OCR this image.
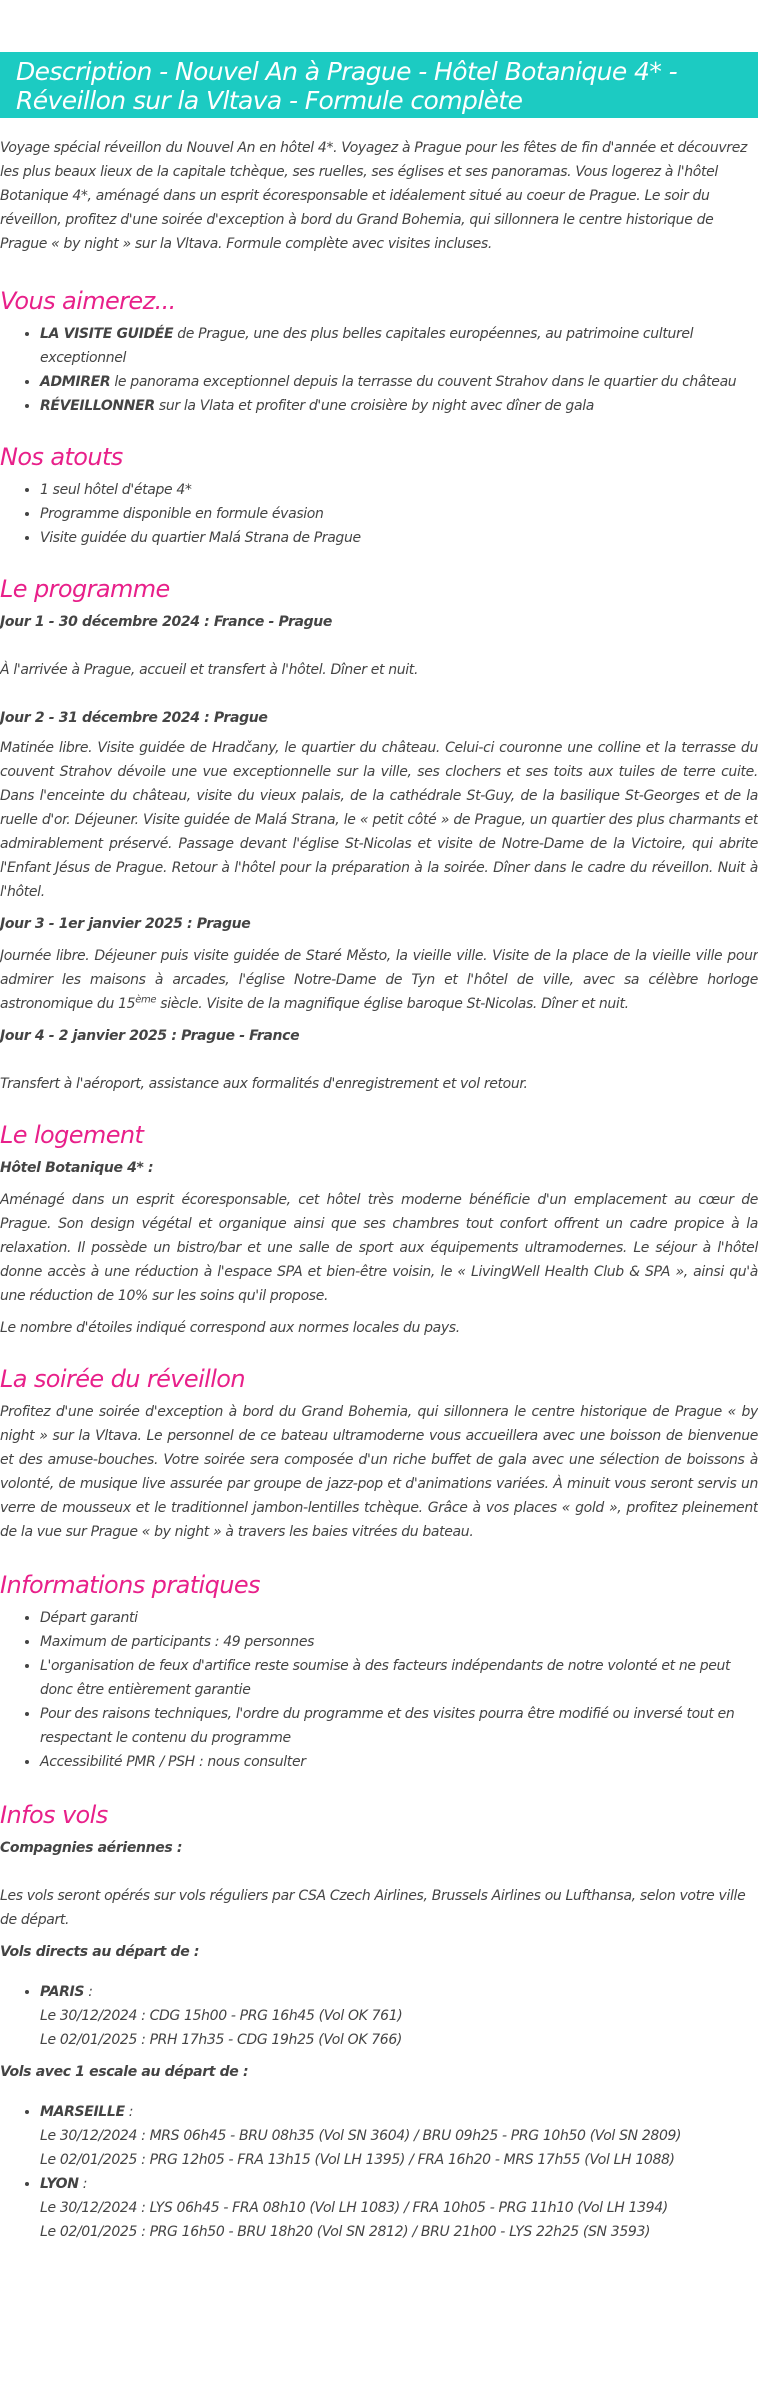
Description - Nouvel An à Prague - Hôtel Botanique 4* - Réveillon sur la Vltava - Formule complète

Voyage spécial réveillon du Nouvel An en hôtel 4*. Voyagez à Prague pour les fêtes de fin d'année et découvrez les plus beaux lieux de la capitale tchèque, ses ruelles, ses églises et ses panoramas. Vous logerez à l'hôtel Botanique 4*, aménagé dans un esprit écoresponsable et idéalement situé au coeur de Prague. Le soir du réveillon, profitez d'une soirée d'exception à bord du Grand Bohemia, qui sillonnera le centre historique de Prague « by night » sur la Vltava. Formule complète avec visites incluses.

Vous aimerez...
• LA VISITE GUIDÉE de Prague, une des plus belles capitales européennes, au patrimoine culturel exceptionnel
• ADMIRER le panorama exceptionnel depuis la terrasse du couvent Strahov dans le quartier du château
• RÉVEILLONNER sur la Vlata et profiter d'une croisière by night avec dîner de gala
Nos atouts
• 1 seul hôtel d'étape 4*
• Programme disponible en formule évasion
• Visite guidée du quartier Malá Strana de Prague
Le programme

Jour 1 - 30 décembre 2024 : France - Prague

À l'arrivée à Prague, accueil et transfert à l'hôtel. Dîner et nuit.

Jour 2 - 31 décembre 2024 : Prague

Matinée libre. Visite guidée de Hradčany, le quartier du château. Celui-ci couronne une colline et la terrasse du couvent Strahov dévoile une vue exceptionnelle sur la ville, ses clochers et ses toits aux tuiles de terre cuite. Dans l'enceinte du château, visite du vieux palais, de la cathédrale St-Guy, de la basilique St-Georges et de la ruelle d'or. Déjeuner. Visite guidée de Malá Strana, le « petit côté » de Prague, un quartier des plus charmants et admirablement préservé. Passage devant l'église St-Nicolas et visite de Notre-Dame de la Victoire, qui abrite l'Enfant Jésus de Prague. Retour à l'hôtel pour la préparation à la soirée. Dîner dans le cadre du réveillon. Nuit à l'hôtel.

Jour 3 - 1er janvier 2025 : Prague

Journée libre. Déjeuner puis visite guidée de Staré Město, la vieille ville. Visite de la place de la vieille ville pour admirer les maisons à arcades, l'église Notre-Dame de Tyn et l'hôtel de ville, avec sa célèbre horloge astronomique du 15ème siècle. Visite de la magnifique église baroque St-Nicolas. Dîner et nuit.

Jour 4 - 2 janvier 2025 : Prague - France

Transfert à l'aéroport, assistance aux formalités d'enregistrement et vol retour.

Le logement

Hôtel Botanique 4* :

Aménagé dans un esprit écoresponsable, cet hôtel très moderne bénéficie d'un emplacement au cœur de Prague. Son design végétal et organique ainsi que ses chambres tout confort offrent un cadre propice à la relaxation. Il possède un bistro/bar et une salle de sport aux équipements ultramodernes. Le séjour à l'hôtel donne accès à une réduction à l'espace SPA et bien-être voisin, le « LivingWell Health Club & SPA », ainsi qu'à une réduction de 10% sur les soins qu'il propose.

Le nombre d'étoiles indiqué correspond aux normes locales du pays.

La soirée du réveillon

Profitez d'une soirée d'exception à bord du Grand Bohemia, qui sillonnera le centre historique de Prague « by night » sur la Vltava. Le personnel de ce bateau ultramoderne vous accueillera avec une boisson de bienvenue et des amuse-bouches. Votre soirée sera composée d'un riche buffet de gala avec une sélection de boissons à volonté, de musique live assurée par groupe de jazz-pop et d'animations variées. À minuit vous seront servis un verre de mousseux et le traditionnel jambon-lentilles tchèque. Grâce à vos places « gold », profitez pleinement de la vue sur Prague « by night » à travers les baies vitrées du bateau.

Informations pratiques
• Départ garanti
• Maximum de participants : 49 personnes
• L'organisation de feux d'artifice reste soumise à des facteurs indépendants de notre volonté et ne peut donc être entièrement garantie
• Pour des raisons techniques, l'ordre du programme et des visites pourra être modifié ou inversé tout en respectant le contenu du programme
• Accessibilité PMR / PSH : nous consulter
Infos vols

Compagnies aériennes :

Les vols seront opérés sur vols réguliers par CSA Czech Airlines, Brussels Airlines ou Lufthansa, selon votre ville de départ.

Vols directs au départ de :

• PARIS :
Le 30/12/2024 : CDG 15h00 - PRG 16h45 (Vol OK 761)
Le 02/01/2025 : PRH 17h35 - CDG 19h25 (Vol OK 766)

Vols avec 1 escale au départ de :

• MARSEILLE :
Le 30/12/2024 : MRS 06h45 - BRU 08h35 (Vol SN 3604) / BRU 09h25 - PRG 10h50 (Vol SN 2809)
Le 02/01/2025 : PRG 12h05 - FRA 13h15 (Vol LH 1395) / FRA 16h20 - MRS 17h55 (Vol LH 1088)
• LYON :
Le 30/12/2024 : LYS 06h45 - FRA 08h10 (Vol LH 1083) / FRA 10h05 - PRG 11h10 (Vol LH 1394)
Le 02/01/2025 : PRG 16h50 - BRU 18h20 (Vol SN 2812) / BRU 21h00 - LYS 22h25 (SN 3593)
